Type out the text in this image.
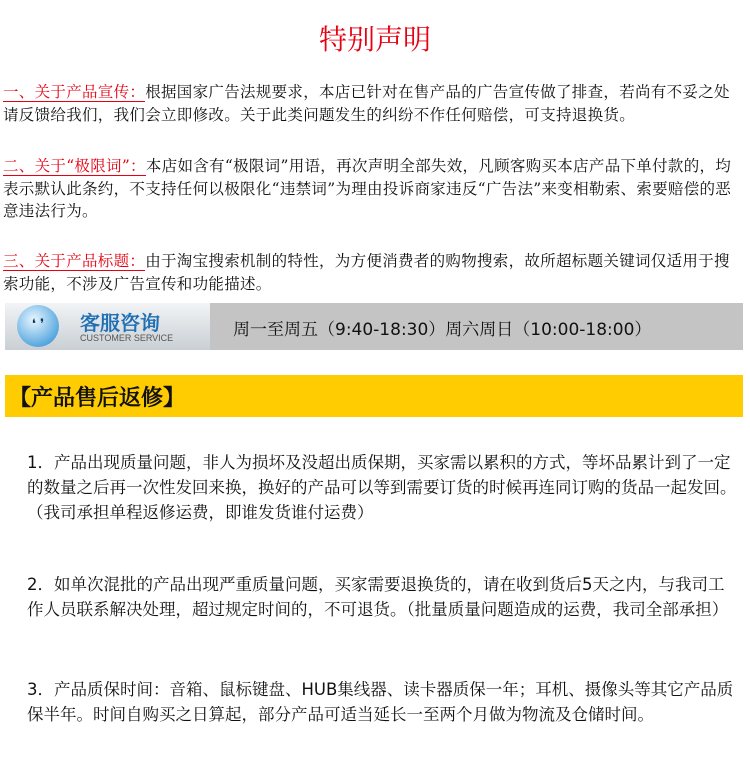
特别声明
一、关于产品宣传：根据国家广告法规要求，本店已针对在售产品的广告宣传做了排查，若尚有不妥之处请反馈给我们，我们会立即修改。关于此类问题发生的纠纷不作任何赔偿，可支持退换货。
二、关于“极限词”：本店如含有“极限词”用语，再次声明全部失效，凡顾客购买本店产品下单付款的，均表示默认此条约，不支持任何以极限化“违禁词”为理由投诉商家违反“广告法”来变相勒索、索要赔偿的恶意违法行为。
三、关于产品标题：由于淘宝搜索机制的特性，为方便消费者的购物搜索，故所超标题关键词仅适用于搜索功能，不涉及广告宣传和功能描述。
❛ ❜	客服咨询
CUSTOMER SERVICE	周一至周五（9:40-18:30）周六周日（10:00-18:00）
【产品售后返修】
1．产品出现质量问题，非人为损坏及没超出质保期，买家需以累积的方式，等坏品累计到了一定的数量之后再一次性发回来换，换好的产品可以等到需要订货的时候再连同订购的货品一起发回。（我司承担单程返修运费，即谁发货谁付运费）
2．如单次混批的产品出现严重质量问题，买家需要退换货的，请在收到货后5天之内，与我司工作人员联系解决处理，超过规定时间的，不可退货。（批量质量问题造成的运费，我司全部承担）
3．产品质保时间：音箱、鼠标键盘、HUB集线器、读卡器质保一年；耳机、摄像头等其它产品质保半年。时间自购买之日算起，部分产品可适当延长一至两个月做为物流及仓储时间。
